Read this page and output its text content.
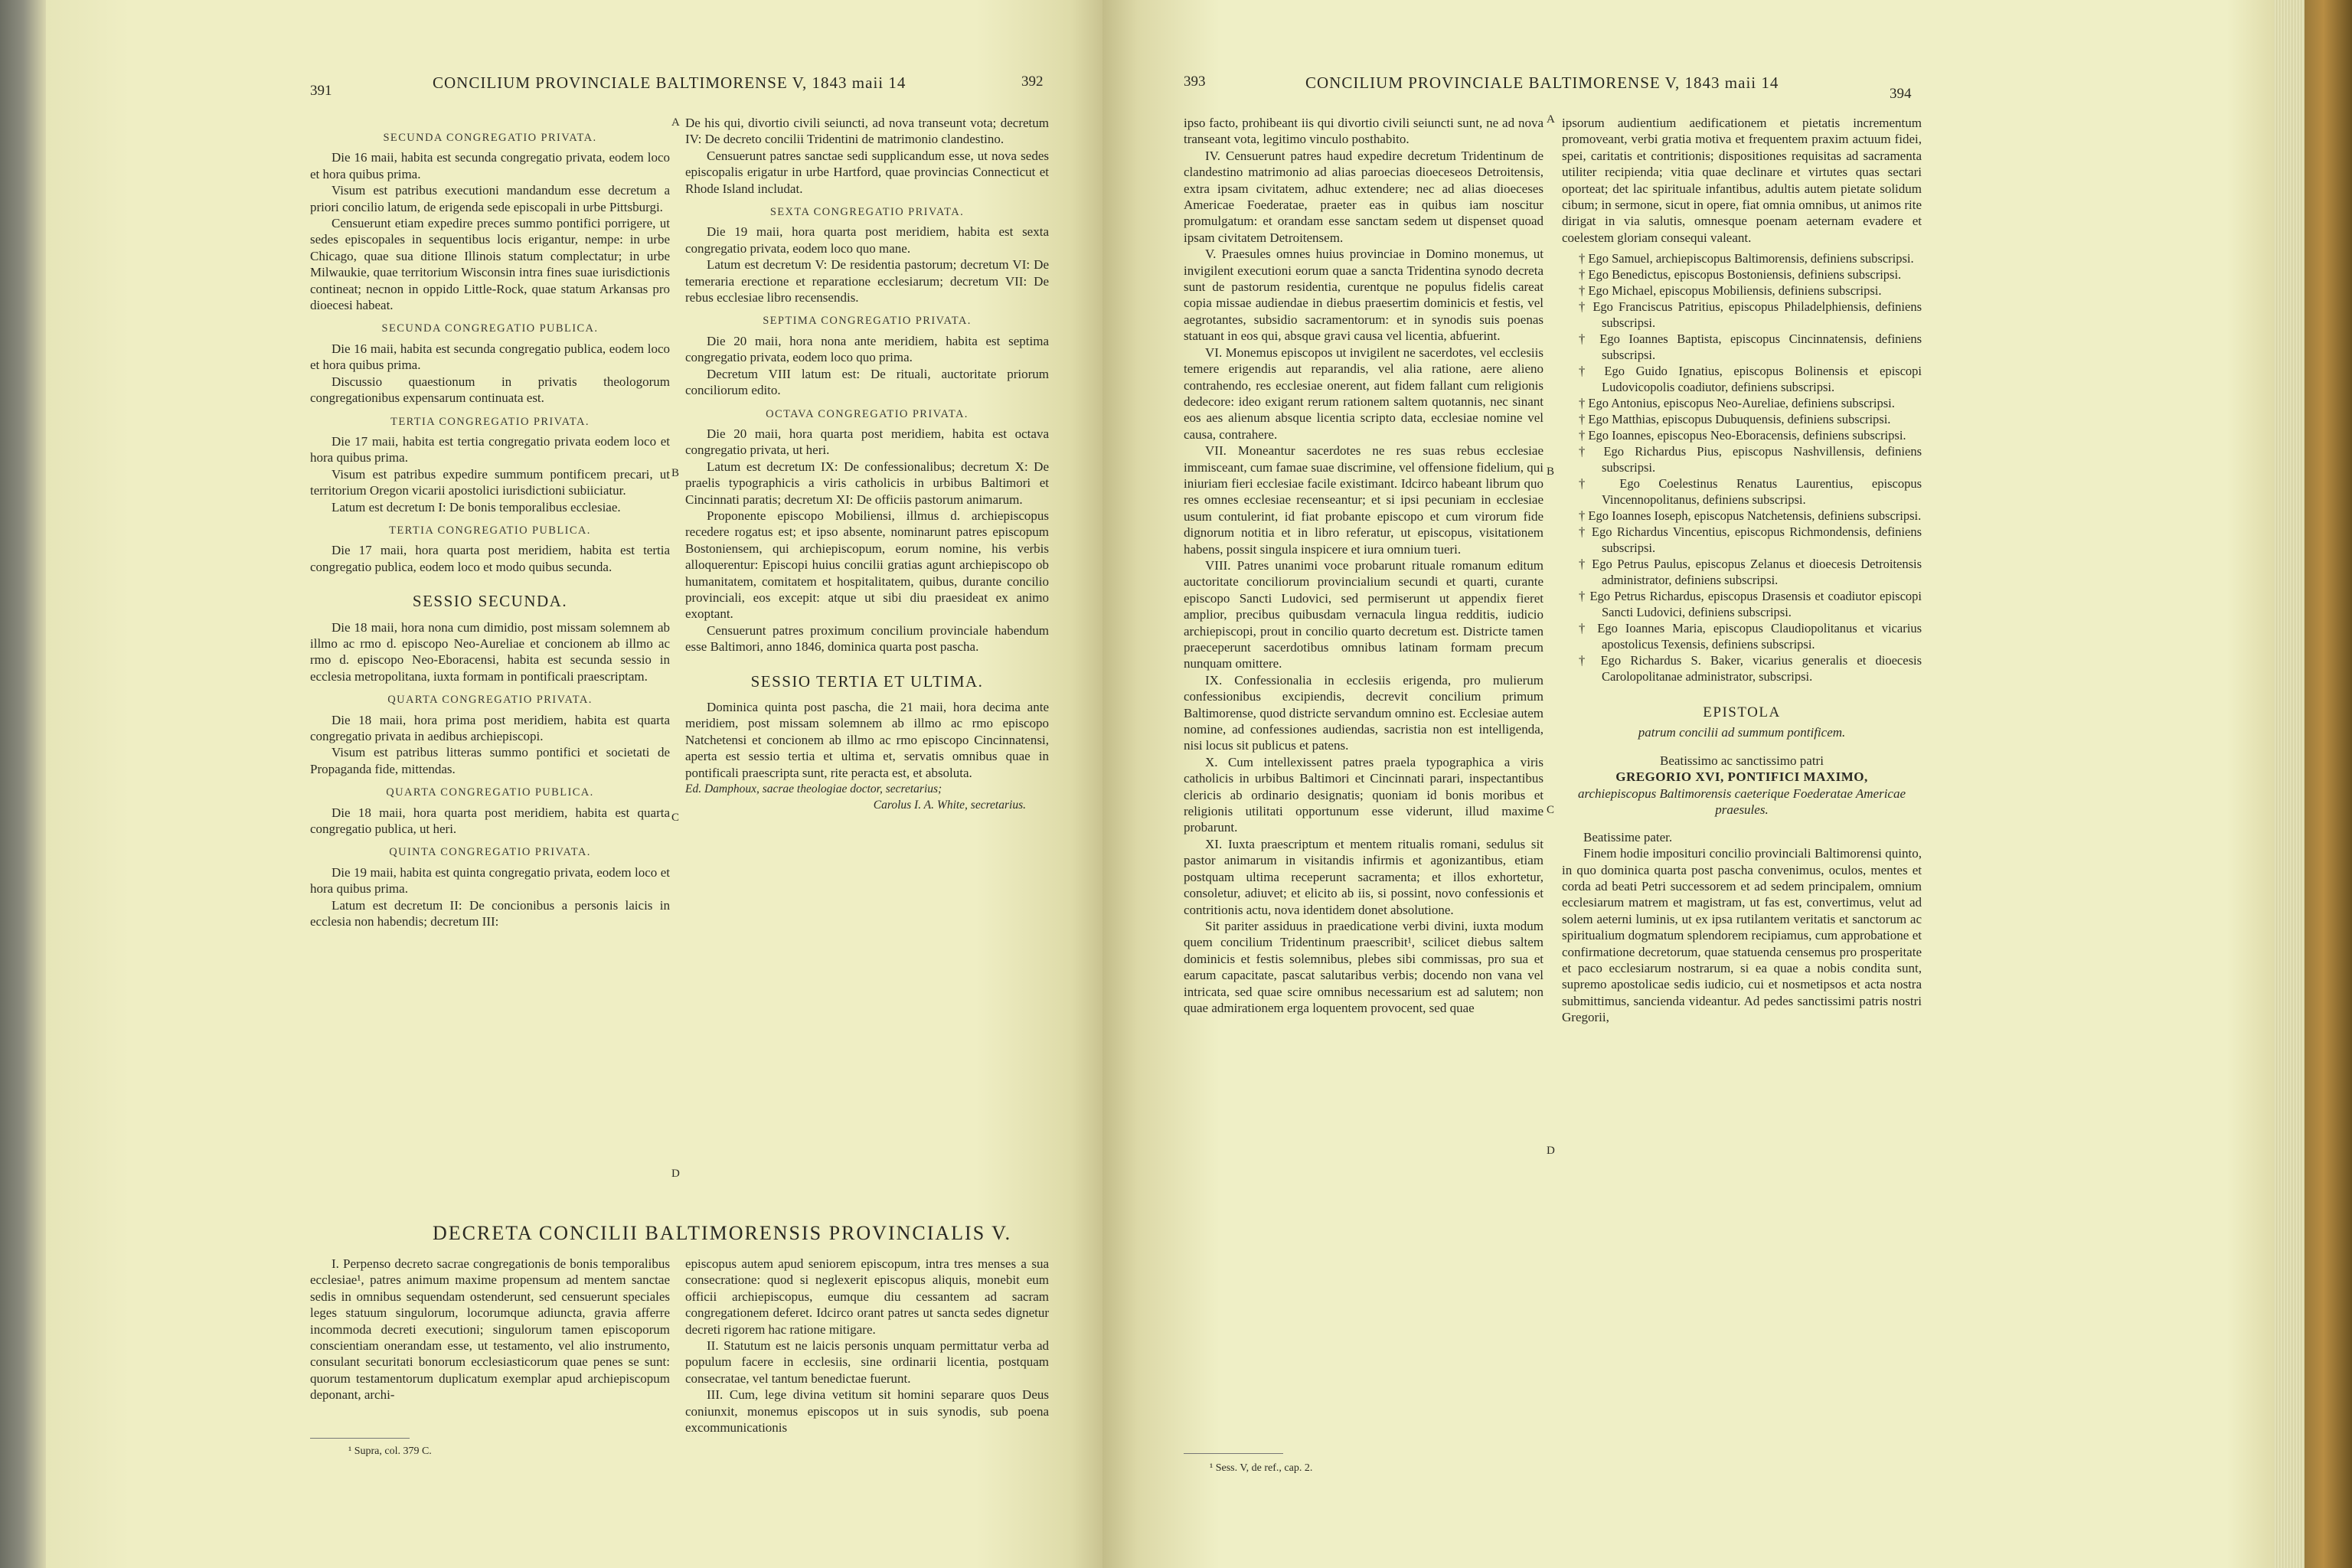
391	CONCILIUM PROVINCIALE BALTIMORENSE V, 1843 maii 14	392
SECUNDA CONGREGATIO PRIVATA.
Die 16 maii, habita est secunda congregatio privata, eodem loco et hora quibus prima.
Visum est patribus executioni mandandum esse decretum a priori concilio latum, de erigenda sede episcopali in urbe Pittsburgi.
Censuerunt etiam expedire preces summo pontifici porrigere, ut sedes episcopales in sequentibus locis erigantur, nempe: in urbe Chicago, quae sua ditione Illinois statum complectatur; in urbe Milwaukie, quae territorium Wisconsin intra fines suae iurisdictionis contineat; necnon in oppido Little-Rock, quae statum Arkansas pro dioecesi habeat.
SECUNDA CONGREGATIO PUBLICA.
Die 16 maii, habita est secunda congregatio publica, eodem loco et hora quibus prima.
Discussio quaestionum in privatis theologorum congregationibus expensarum continuata est.
TERTIA CONGREGATIO PRIVATA.
Die 17 maii, habita est tertia congregatio privata eodem loco et hora quibus prima.
Visum est patribus expedire summum pontificem precari, ut territorium Oregon vicarii apostolici iurisdictioni subiiciatur.
Latum est decretum I: De bonis temporalibus ecclesiae.
TERTIA CONGREGATIO PUBLICA.
Die 17 maii, hora quarta post meridiem, habita est tertia congregatio publica, eodem loco et modo quibus secunda.
SESSIO SECUNDA.
Die 18 maii, hora nona cum dimidio, post missam solemnem ab illmo ac rmo d. episcopo Neo-Aureliae et concionem ab illmo ac rmo d. episcopo Neo-Eboracensi, habita est secunda sessio in ecclesia metropolitana, iuxta formam in pontificali praescriptam.
QUARTA CONGREGATIO PRIVATA.
Die 18 maii, hora prima post meridiem, habita est quarta congregatio privata in aedibus archiepiscopi.
Visum est patribus litteras summo pontifici et societati de Propaganda fide, mittendas.
QUARTA CONGREGATIO PUBLICA.
Die 18 maii, hora quarta post meridiem, habita est quarta congregatio publica, ut heri.
QUINTA CONGREGATIO PRIVATA.
Die 19 maii, habita est quinta congregatio privata, eodem loco et hora quibus prima.
Latum est decretum II: De concionibus a personis laicis in ecclesia non habendis; decretum III:
De his qui, divortio civili seiuncti, ad nova transeunt vota; decretum IV: De decreto concilii Tridentini de matrimonio clandestino.
Censuerunt patres sanctae sedi supplicandum esse, ut nova sedes episcopalis erigatur in urbe Hartford, quae provincias Connecticut et Rhode Island includat.
SEXTA CONGREGATIO PRIVATA.
Die 19 maii, hora quarta post meridiem, habita est sexta congregatio privata, eodem loco quo mane.
Latum est decretum V: De residentia pastorum; decretum VI: De temeraria erectione et reparatione ecclesiarum; decretum VII: De rebus ecclesiae libro recensendis.
SEPTIMA CONGREGATIO PRIVATA.
Die 20 maii, hora nona ante meridiem, habita est septima congregatio privata, eodem loco quo prima.
Decretum VIII latum est: De rituali, auctoritate priorum conciliorum edito.
OCTAVA CONGREGATIO PRIVATA.
Die 20 maii, hora quarta post meridiem, habita est octava congregatio privata, ut heri.
Latum est decretum IX: De confessionalibus; decretum X: De praelis typographicis a viris catholicis in urbibus Baltimori et Cincinnati paratis; decretum XI: De officiis pastorum animarum.
Proponente episcopo Mobiliensi, illmus d. archiepiscopus recedere rogatus est; et ipso absente, nominarunt patres episcopum Bostoniensem, qui archiepiscopum, eorum nomine, his verbis alloquerentur: Episcopi huius concilii gratias agunt archiepiscopo ob humanitatem, comitatem et hospitalitatem, quibus, durante concilio provinciali, eos excepit: atque ut sibi diu praesideat ex animo exoptant.
Censuerunt patres proximum concilium provinciale habendum esse Baltimori, anno 1846, dominica quarta post pascha.
SESSIO TERTIA ET ULTIMA.
Dominica quinta post pascha, die 21 maii, hora decima ante meridiem, post missam solemnem ab illmo ac rmo episcopo Natchetensi et concionem ab illmo ac rmo episcopo Cincinnatensi, aperta est sessio tertia et ultima et, servatis omnibus quae in pontificali praescripta sunt, rite peracta est, et absoluta.
Ed. Damphoux, sacrae theologiae doctor, secretarius;
Carolus I. A. White, secretarius.
A
B
C
D
DECRETA CONCILII BALTIMORENSIS PROVINCIALIS V.
I. Perpenso decreto sacrae congregationis de bonis temporalibus ecclesiae¹, patres animum maxime propensum ad mentem sanctae sedis in omnibus sequendam ostenderunt, sed censuerunt speciales leges statuum singulorum, locorumque adiuncta, gravia afferre incommoda decreti executioni; singulorum tamen episcoporum conscientiam onerandam esse, ut testamento, vel alio instrumento, consulant securitati bonorum ecclesiasticorum quae penes se sunt: quorum testamentorum duplicatum exemplar apud archiepiscopum deponant, archi-
episcopus autem apud seniorem episcopum, intra tres menses a sua consecratione: quod si neglexerit episcopus aliquis, monebit eum officii archiepiscopus, eumque diu cessantem ad sacram congregationem deferet. Idcirco orant patres ut sancta sedes dignetur decreti rigorem hac ratione mitigare.
II. Statutum est ne laicis personis unquam permittatur verba ad populum facere in ecclesiis, sine ordinarii licentia, postquam consecratae, vel tantum benedictae fuerunt.
III. Cum, lege divina vetitum sit homini separare quos Deus coniunxit, monemus episcopos ut in suis synodis, sub poena excommunicationis
¹ Supra, col. 379 C.
393	CONCILIUM PROVINCIALE BALTIMORENSE V, 1843 maii 14
394
ipso facto, prohibeant iis qui divortio civili seiuncti sunt, ne ad nova transeant vota, legitimo vinculo posthabito.
IV. Censuerunt patres haud expedire decretum Tridentinum de clandestino matrimonio ad alias paroecias dioeceseos Detroitensis, extra ipsam civitatem, adhuc extendere; nec ad alias dioeceses Americae Foederatae, praeter eas in quibus iam noscitur promulgatum: et orandam esse sanctam sedem ut dispenset quoad ipsam civitatem Detroitensem.
V. Praesules omnes huius provinciae in Domino monemus, ut invigilent executioni eorum quae a sancta Tridentina synodo decreta sunt de pastorum residentia, curentque ne populus fidelis careat copia missae audiendae in diebus praesertim dominicis et festis, vel aegrotantes, subsidio sacramentorum: et in synodis suis poenas statuant in eos qui, absque gravi causa vel licentia, abfuerint.
VI. Monemus episcopos ut invigilent ne sacerdotes, vel ecclesiis temere erigendis aut reparandis, vel alia ratione, aere alieno contrahendo, res ecclesiae onerent, aut fidem fallant cum religionis dedecore: ideo exigant rerum rationem saltem quotannis, nec sinant eos aes alienum absque licentia scripto data, ecclesiae nomine vel causa, contrahere.
VII. Moneantur sacerdotes ne res suas rebus ecclesiae immisceant, cum famae suae discrimine, vel offensione fidelium, qui iniuriam fieri ecclesiae facile existimant. Idcirco habeant librum quo res omnes ecclesiae recenseantur; et si ipsi pecuniam in ecclesiae usum contulerint, id fiat probante episcopo et cum virorum fide dignorum notitia et in libro referatur, ut episcopus, visitationem habens, possit singula inspicere et iura omnium tueri.
VIII. Patres unanimi voce probarunt rituale romanum editum auctoritate conciliorum provincialium secundi et quarti, curante episcopo Sancti Ludovici, sed permiserunt ut appendix fieret amplior, precibus quibusdam vernacula lingua redditis, iudicio archiepiscopi, prout in concilio quarto decretum est. Districte tamen praeceperunt sacerdotibus omnibus latinam formam precum nunquam omittere.
IX. Confessionalia in ecclesiis erigenda, pro mulierum confessionibus excipiendis, decrevit concilium primum Baltimorense, quod districte servandum omnino est. Ecclesiae autem nomine, ad confessiones audiendas, sacristia non est intelligenda, nisi locus sit publicus et patens.
X. Cum intellexissent patres praela typographica a viris catholicis in urbibus Baltimori et Cincinnati parari, inspectantibus clericis ab ordinario designatis; quoniam id bonis moribus et religionis utilitati opportunum esse viderunt, illud maxime probarunt.
XI. Iuxta praescriptum et mentem ritualis romani, sedulus sit pastor animarum in visitandis infirmis et agonizantibus, etiam postquam ultima receperunt sacramenta; et illos exhortetur, consoletur, adiuvet; et elicito ab iis, si possint, novo confessionis et contritionis actu, nova identidem donet absolutione.
Sit pariter assiduus in praedicatione verbi divini, iuxta modum quem concilium Tridentinum praescribit¹, scilicet diebus saltem dominicis et festis solemnibus, plebes sibi commissas, pro sua et earum capacitate, pascat salutaribus verbis; docendo non vana vel intricata, sed quae scire omnibus necessarium est ad salutem; non quae admirationem erga loquentem provocent, sed quae
A
B
C
D
ipsorum audientium aedificationem et pietatis incrementum promoveant, verbi gratia motiva et frequentem praxim actuum fidei, spei, caritatis et contritionis; dispositiones requisitas ad sacramenta utiliter recipienda; vitia quae declinare et virtutes quas sectari oporteat; det lac spirituale infantibus, adultis autem pietate solidum cibum; in sermone, sicut in opere, fiat omnia omnibus, ut animos rite dirigat in via salutis, omnesque poenam aeternam evadere et coelestem gloriam consequi valeant.
† Ego Samuel, archiepiscopus Baltimorensis, definiens subscripsi.
† Ego Benedictus, episcopus Bostoniensis, definiens subscripsi.
† Ego Michael, episcopus Mobiliensis, definiens subscripsi.
† Ego Franciscus Patritius, episcopus Philadelphiensis, definiens subscripsi.
† Ego Ioannes Baptista, episcopus Cincinnatensis, definiens subscripsi.
† Ego Guido Ignatius, episcopus Bolinensis et episcopi Ludovicopolis coadiutor, definiens subscripsi.
† Ego Antonius, episcopus Neo-Aureliae, definiens subscripsi.
† Ego Matthias, episcopus Dubuquensis, definiens subscripsi.
† Ego Ioannes, episcopus Neo-Eboracensis, definiens subscripsi.
† Ego Richardus Pius, episcopus Nashvillensis, definiens subscripsi.
† Ego Coelestinus Renatus Laurentius, episcopus Vincennopolitanus, definiens subscripsi.
† Ego Ioannes Ioseph, episcopus Natchetensis, definiens subscripsi.
† Ego Richardus Vincentius, episcopus Richmondensis, definiens subscripsi.
† Ego Petrus Paulus, episcopus Zelanus et dioecesis Detroitensis administrator, definiens subscripsi.
† Ego Petrus Richardus, episcopus Drasensis et coadiutor episcopi Sancti Ludovici, definiens subscripsi.
† Ego Ioannes Maria, episcopus Claudiopolitanus et vicarius apostolicus Texensis, definiens subscripsi.
† Ego Richardus S. Baker, vicarius generalis et dioecesis Carolopolitanae administrator, subscripsi.
EPISTOLA
patrum concilii ad summum pontificem.
Beatissimo ac sanctissimo patri
GREGORIO XVI, PONTIFICI MAXIMO,
archiepiscopus Baltimorensis caeterique Foederatae Americae praesules.
Beatissime pater.
Finem hodie imposituri concilio provinciali Baltimorensi quinto, in quo dominica quarta post pascha convenimus, oculos, mentes et corda ad beati Petri successorem et ad sedem principalem, omnium ecclesiarum matrem et magistram, ut fas est, convertimus, velut ad solem aeterni luminis, ut ex ipsa rutilantem veritatis et sanctorum ac spiritualium dogmatum splendorem recipiamus, cum approbatione et confirmatione decretorum, quae statuenda censemus pro prosperitate et paco ecclesiarum nostrarum, si ea quae a nobis condita sunt, supremo apostolicae sedis iudicio, cui et nosmetipsos et acta nostra submittimus, sancienda videantur. Ad pedes sanctissimi patris nostri Gregorii,
¹ Sess. V, de ref., cap. 2.
